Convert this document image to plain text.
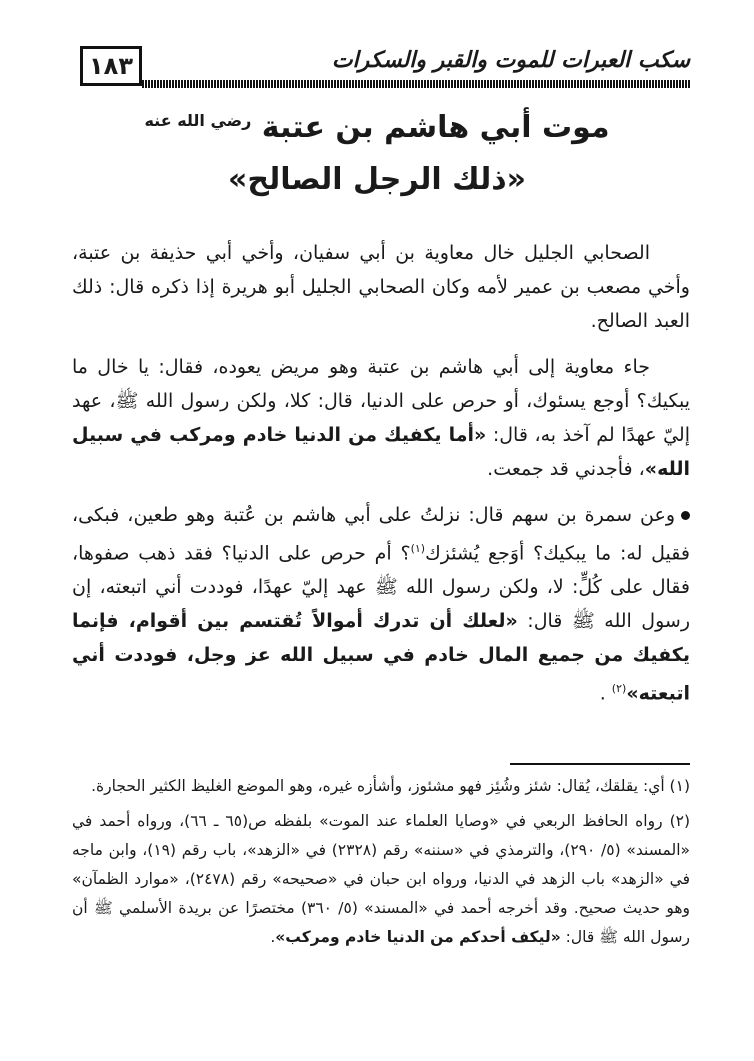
١٨٣	سكب العبرات للموت والقبر والسكرات
موت أبي هاشم بن عتبة $^{رضي الله عنه}$
«ذلك الرجل الصالح»

الصحابي الجليل خال معاوية بن أبي سفيان، وأخي أبي حذيفة بن عتبة، وأخي مصعب بن عمير لأمه وكان الصحابي الجليل أبو هريرة إذا ذكره قال: ذلك العبد الصالح.

جاء معاوية إلى أبي هاشم بن عتبة وهو مريض يعوده، فقال: يا خال ما يبكيك؟ أوجع يسئوك، أو حرص على الدنيا، قال: كلا، ولكن رسول الله ﷺ، عهد إليّ عهدًا لم آخذ به، قال: «أما يكفيك من الدنيا خادم ومركب في سبيل الله»، فأجدني قد جمعت.

وعن سمرة بن سهم قال: نزلتُ على أبي هاشم بن عُتبة وهو طعين، فبكى، فقيل له: ما يبكيك؟ أوَجع يُشئزك$^{(١)}$؟ أم حرص على الدنيا؟ فقد ذهب صفوها، فقال على كُلٍّ: لا، ولكن رسول الله ﷺ عهد إليّ عهدًا، فوددت أني اتبعته، إن رسول الله ﷺ قال: «لعلك أن تدرك أموالاً تُقتسم بين أقوام، فإنما يكفيك من جميع المال خادم في سبيل الله عز وجل، فوددت أني اتبعته»$^{(٢)}$ .

(١) أي: يقلقك، يُقال: شئز وشُئِز فهو مشئوز، وأشأزه غيره، وهو الموضع الغليظ الكثير الحجارة.

(٢) رواه الحافظ الربعي في «وصايا العلماء عند الموت» بلفظه ص(٦٥ ـ ٦٦)، ورواه أحمد في «المسند» (٥/ ٢٩٠)، والترمذي في «سننه» رقم (٢٣٢٨) في «الزهد»، باب رقم (١٩)، وابن ماجه في «الزهد» باب الزهد في الدنيا، ورواه ابن حبان في «صحيحه» رقم (٢٤٧٨)، «موارد الظمآن» وهو حديث صحيح. وقد أخرجه أحمد في «المسند» (٥/ ٣٦٠) مختصرًا عن بريدة الأسلمي ﷺ أن رسول الله ﷺ قال: «ليكف أحدكم من الدنيا خادم ومركب».
